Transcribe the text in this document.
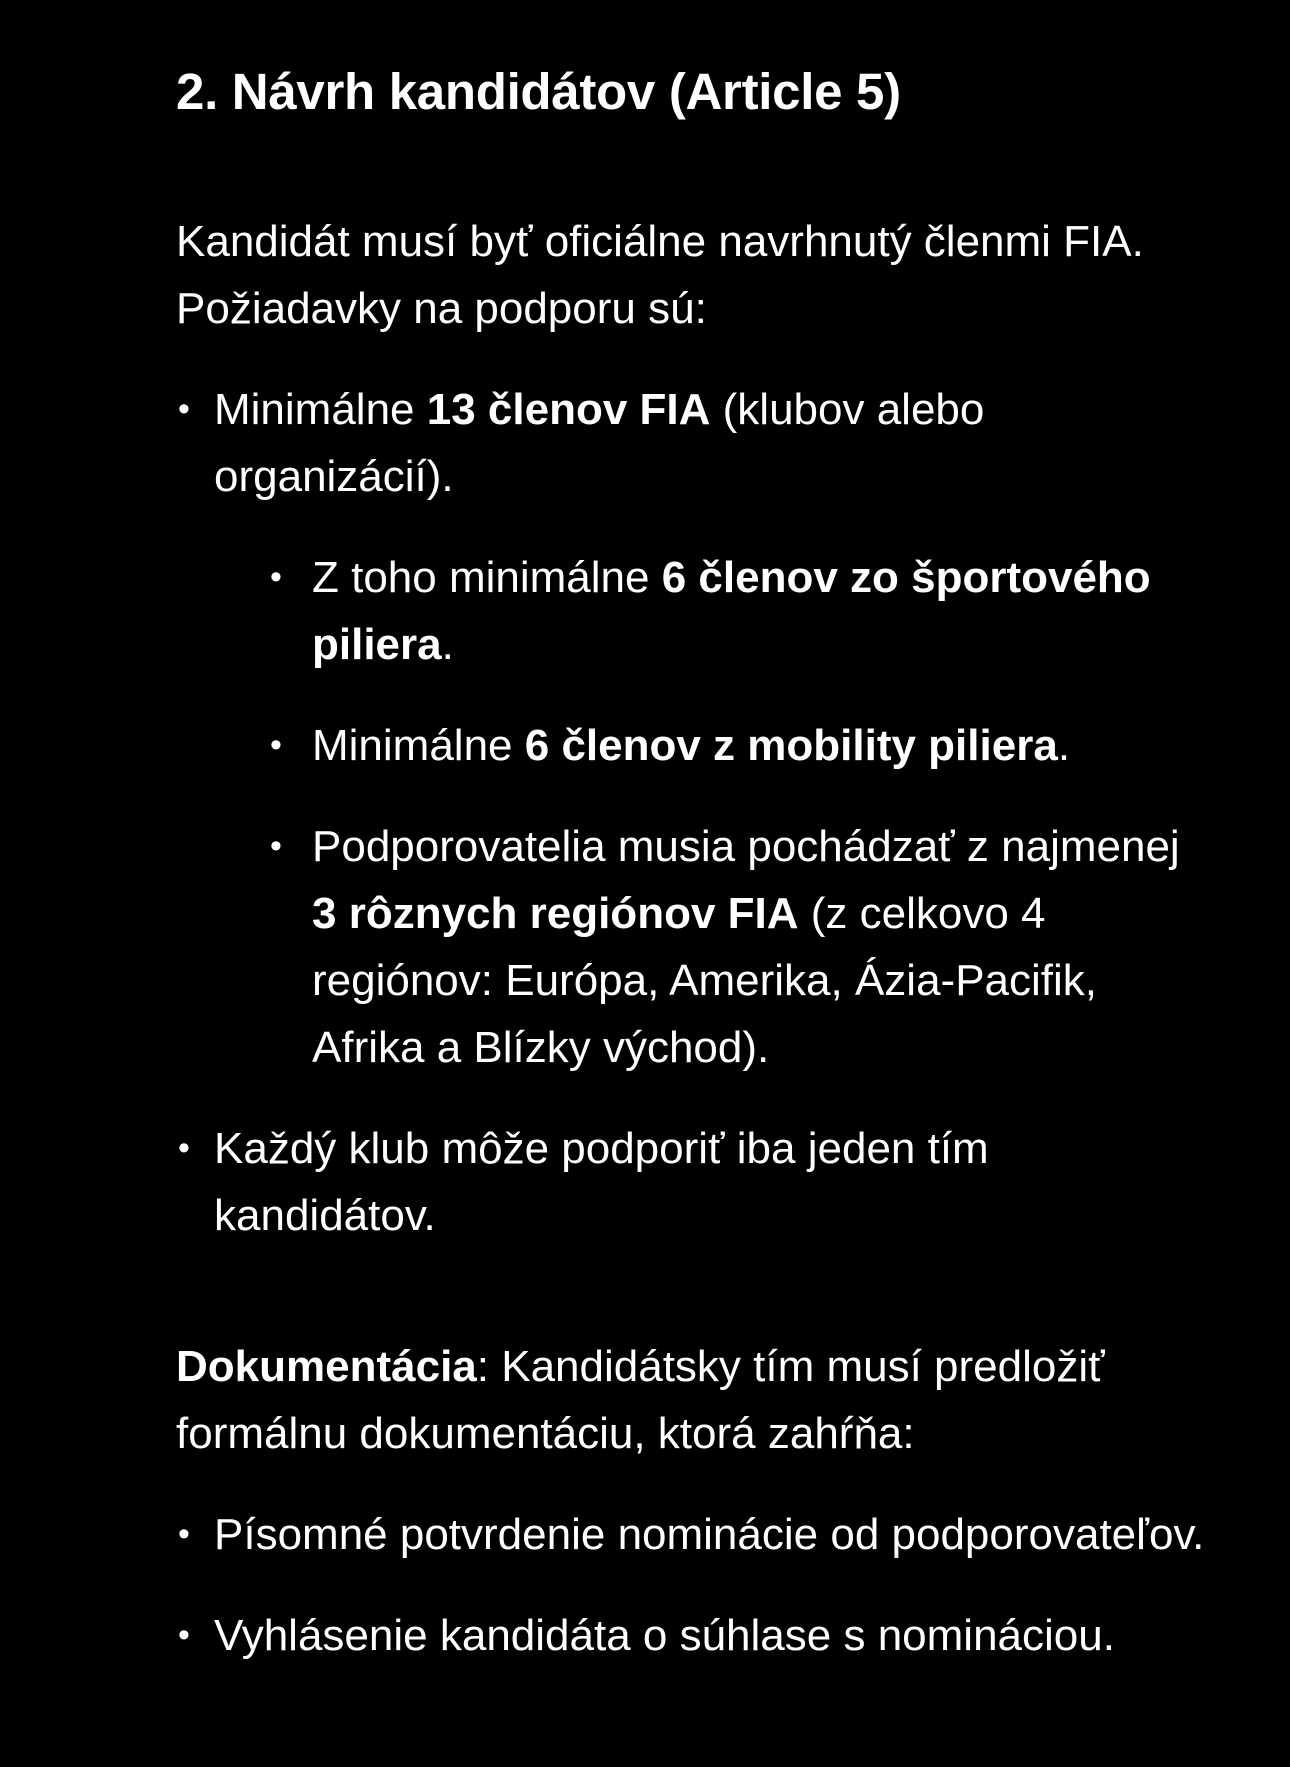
2. Návrh kandidátov (Article 5)

Kandidát musí byť oficiálne navrhnutý členmi FIA. Požiadavky na podporu sú:

• Minimálne 13 členov FIA (klubov alebo organizácií).
• Z toho minimálne 6 členov zo športového piliera.
• Minimálne 6 členov z mobility piliera.
• Podporovatelia musia pochádzať z najmenej 3 rôznych regiónov FIA (z celkovo 4 regiónov: Európa, Amerika, Ázia-Pacifik, Afrika a Blízky východ).
• Každý klub môže podporiť iba jeden tím kandidátov.

Dokumentácia: Kandidátsky tím musí predložiť formálnu dokumentáciu, ktorá zahŕňa:

• Písomné potvrdenie nominácie od podporovateľov.
• Vyhlásenie kandidáta o súhlase s nomináciou.
